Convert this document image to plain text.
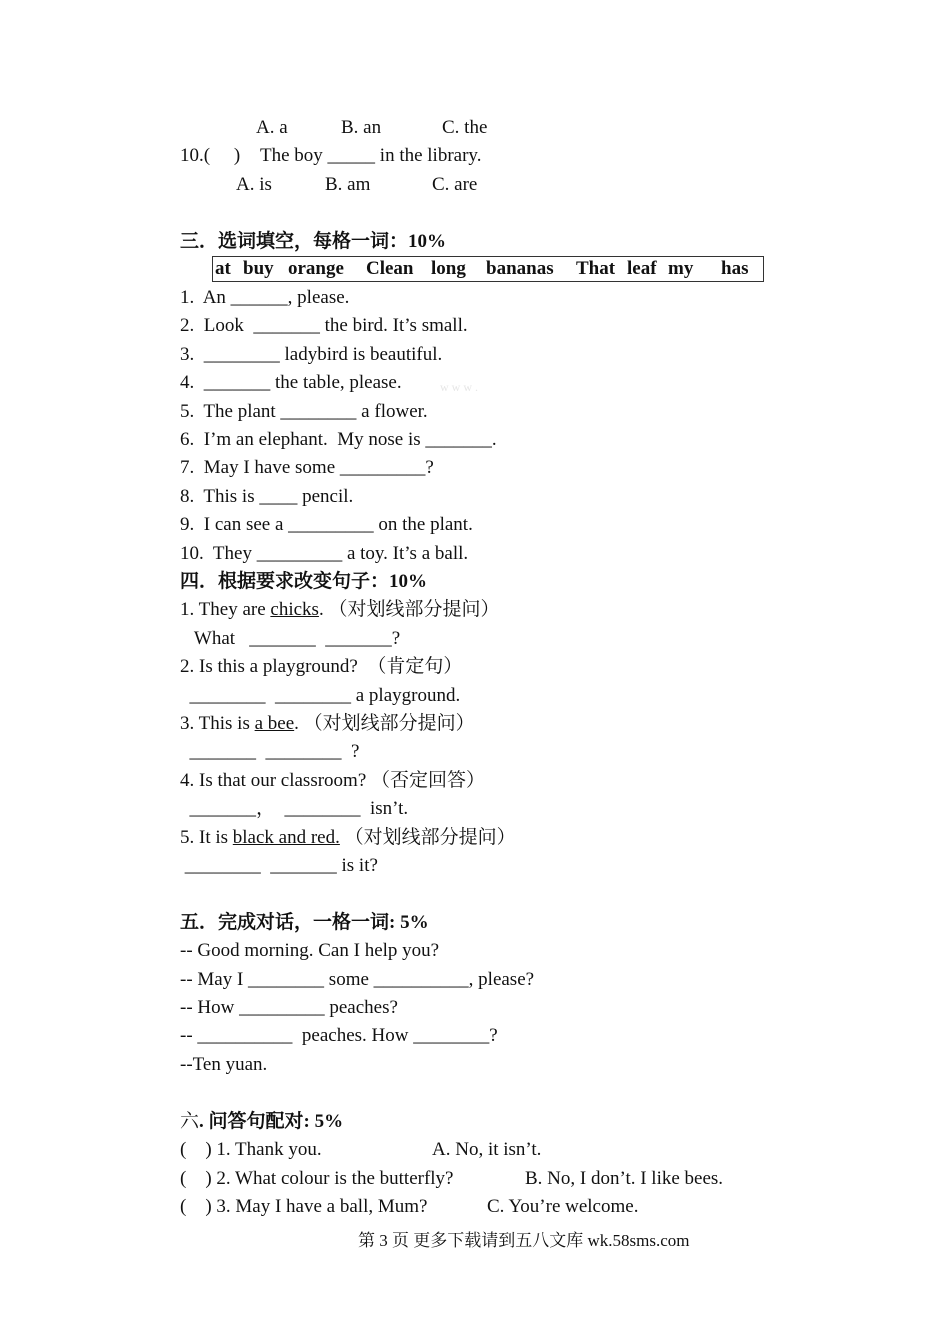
A. a	B. an	C. the
10.(     ) The boy _____ in the library.
A. is	B. am	C. are
三．选词填空，每格一词：10%
at buy orange Clean long bananas That leaf my has
1.  An ______, please.
2.  Look  _______ the bird. It’s small.
3.  ________ ladybird is beautiful.
4.  _______ the table, please.	w w w .
5.  The plant ________ a flower.
6.  I’m an elephant.  My nose is _______.
7.  May I have some _________?
8.  This is ____ pencil.
9.  I can see a _________ on the plant.
10.  They _________ a toy. It’s a ball.
四．根据要求改变句子：10%
1. They are chicks. （对划线部分提问）
What   _______  _______?
2. Is this a playground?  （肯定句）
________  ________ a playground.
3. This is a bee. （对划线部分提问）
_______  ________  ?
4. Is that our classroom? （否定回答）
_______，  ________  isn’t.
5. It is black and red. （对划线部分提问）
________  _______ is it?
五．完成对话，一格一词: 5%
-- Good morning. Can I help you?
-- May I ________ some __________, please?
-- How _________ peaches?
-- __________  peaches. How ________?
--Ten yuan.
六. 问答句配对: 5%
(    ) 1. Thank you.	A. No, it isn’t.
(    ) 2. What colour is the butterfly?	B. No, I don’t. I like bees.
(    ) 3. May I have a ball, Mum?	C. You’re welcome.
第 3 页 更多下载请到五八文库 wk.58sms.com
